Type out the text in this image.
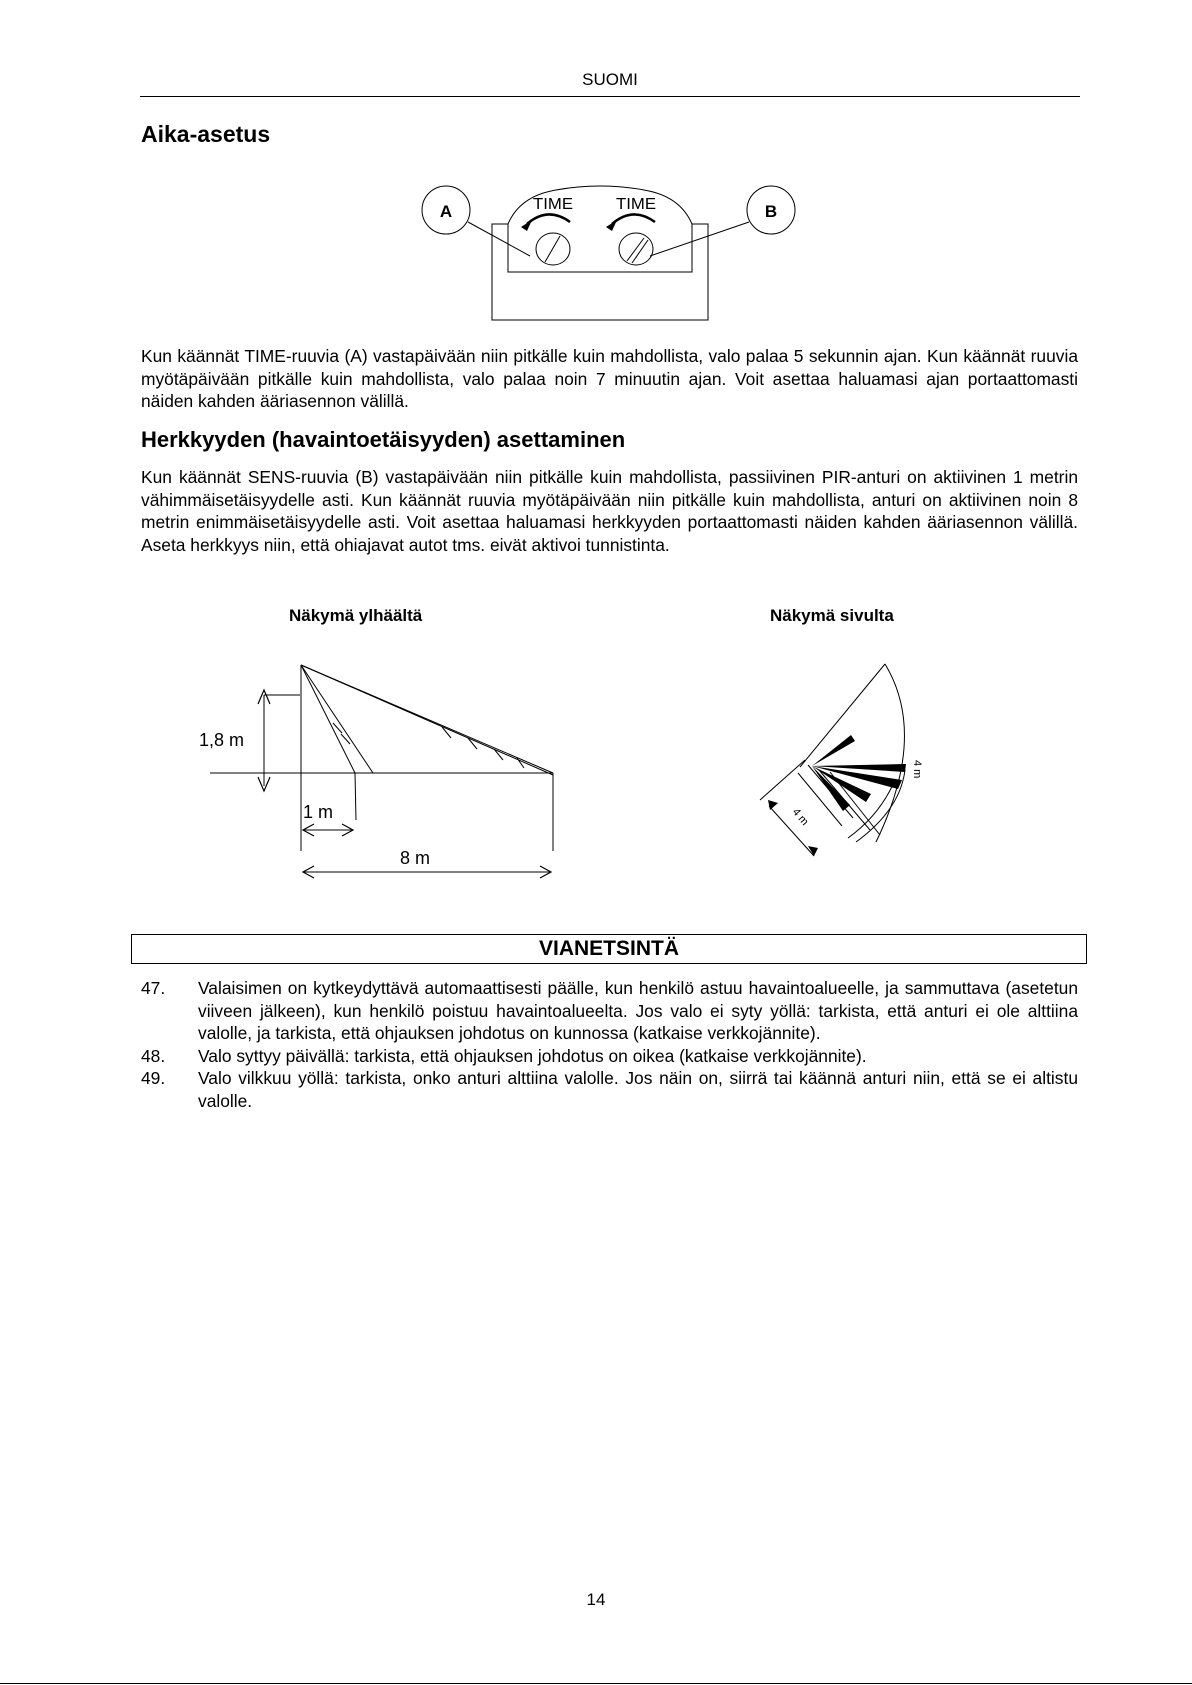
SUOMI
Aika-asetus
A	B
TIME	TIME

Kun käännät TIME-ruuvia (A) vastapäivään niin pitkälle kuin mahdollista, valo palaa 5 sekunnin ajan. Kun käännät ruuvia myötäpäivään pitkälle kuin mahdollista, valo palaa noin 7 minuutin ajan. Voit asettaa haluamasi ajan portaattomasti näiden kahden ääriasennon välillä.

Herkkyyden (havaintoetäisyyden) asettaminen

Kun käännät SENS-ruuvia (B) vastapäivään niin pitkälle kuin mahdollista, passiivinen PIR-anturi on aktiivinen 1 metrin vähimmäisetäisyydelle asti. Kun käännät ruuvia myötäpäivään niin pitkälle kuin mahdollista, anturi on aktiivinen noin 8 metrin enimmäisetäisyydelle asti. Voit asettaa haluamasi herkkyyden portaattomasti näiden kahden ääriasennon välillä. Aseta herkkyys niin, että ohiajavat autot tms. eivät aktivoi tunnistinta.

Näkymä ylhäältä	Näkymä sivulta
1,8 m
1 m
8 m
4 m
4 m
VIANETSINTÄ
47. Valaisimen on kytkeydyttävä automaattisesti päälle, kun henkilö astuu havaintoalueelle, ja sammuttava (asetetun viiveen jälkeen), kun henkilö poistuu havaintoalueelta. Jos valo ei syty yöllä: tarkista, että anturi ei ole alttiina valolle, ja tarkista, että ohjauksen johdotus on kunnossa (katkaise verkkojännite).
48. Valo syttyy päivällä: tarkista, että ohjauksen johdotus on oikea (katkaise verkkojännite).
49. Valo vilkkuu yöllä: tarkista, onko anturi alttiina valolle. Jos näin on, siirrä tai käännä anturi niin, että se ei altistu valolle.
14
